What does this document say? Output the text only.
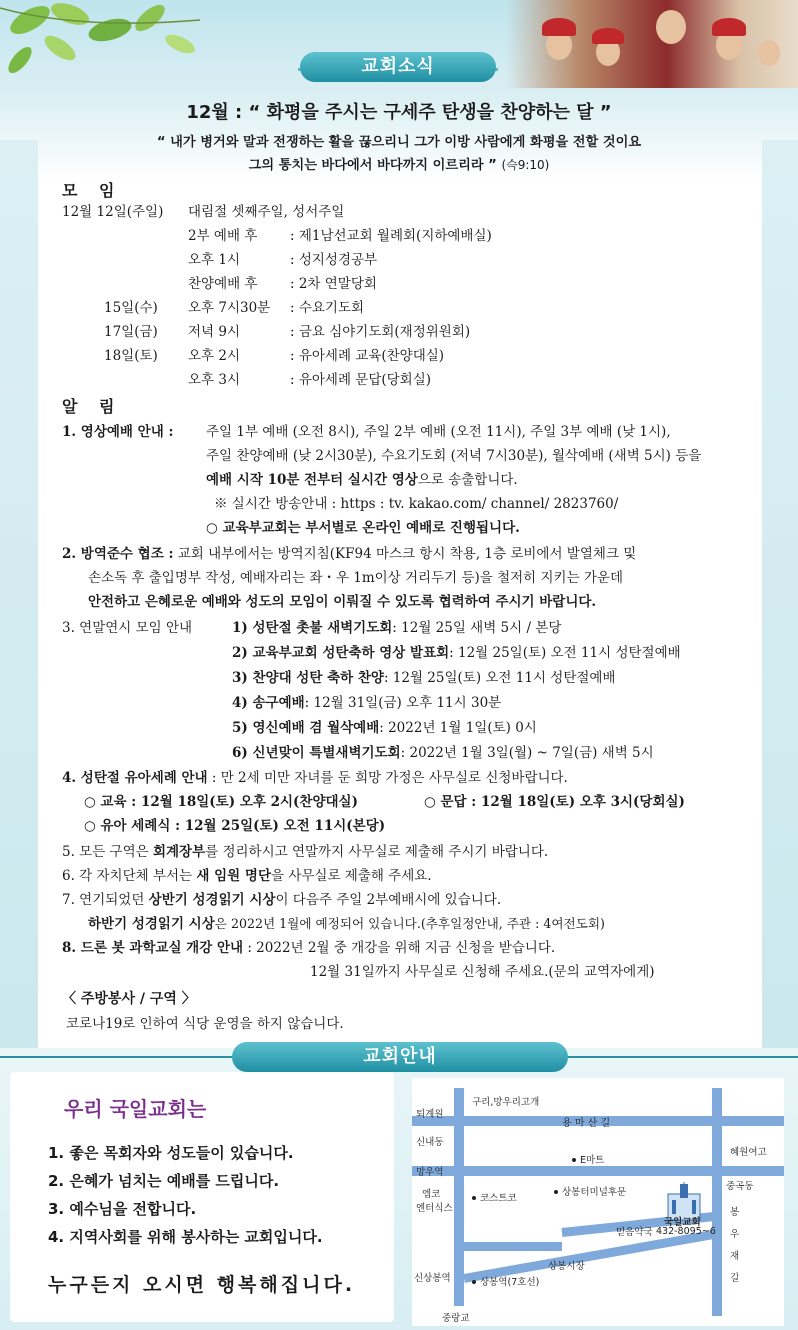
교회소식
12월 : “ 화평을 주시는 구세주 탄생을 찬양하는 달 ”
“ 내가 병거와 말과 전쟁하는 활을 끊으리니 그가 이방 사람에게 화평을 전할 것이요
그의 통치는 바다에서 바다까지 이르리라 ” (슥9:10)
모 임
12월 12일(주일) 대림절 셋째주일, 성서주일
2부 예배 후 : 제1남선교회 월례회(지하예배실)
오후 1시	: 성지성경공부
찬양예배 후 : 2차 연말당회
15일(수) 오후 7시30분 : 수요기도회
17일(금) 저녁 9시	: 금요 심야기도회(재정위원회)
18일(토) 오후 2시	: 유아세례 교육(찬양대실)
오후 3시	: 유아세례 문답(당회실)
알 림
1. 영상예배 안내 : 주일 1부 예배 (오전 8시), 주일 2부 예배 (오전 11시), 주일 3부 예배 (낮 1시),
주일 찬양예배 (낮 2시30분), 수요기도회 (저녁 7시30분), 월삭예배 (새벽 5시) 등을
예배 시작 10분 전부터 실시간 영상으로 송출합니다.
※ 실시간 방송안내 : https : tv. kakao.com/ channel/ 2823760/
○ 교육부교회는 부서별로 온라인 예배로 진행됩니다.
2. 방역준수 협조 : 교회 내부에서는 방역지침(KF94 마스크 항시 착용, 1층 로비에서 발열체크 및
손소독 후 출입명부 작성, 예배자리는 좌・우 1m이상 거리두기 등)을 철저히 지키는 가운데
안전하고 은혜로운 예배와 성도의 모임이 이뤄질 수 있도록 협력하여 주시기 바랍니다.
3. 연말연시 모임 안내	1) 성탄절 촛불 새벽기도회: 12월 25일 새벽 5시 / 본당
2) 교육부교회 성탄축하 영상 발표회: 12월 25일(토) 오전 11시 성탄절예배
3) 찬양대 성탄 축하 찬양: 12월 25일(토) 오전 11시 성탄절예배
4) 송구예배: 12월 31일(금) 오후 11시 30분
5) 영신예배 겸 월삭예배: 2022년 1월 1일(토) 0시
6) 신년맞이 특별새벽기도회: 2022년 1월 3일(월) ~ 7일(금) 새벽 5시
4. 성탄절 유아세례 안내 : 만 2세 미만 자녀를 둔 희망 가정은 사무실로 신청바랍니다.
○ 교육 : 12월 18일(토) 오후 2시(찬양대실)	○ 문답 : 12월 18일(토) 오후 3시(당회실)
○ 유아 세례식 : 12월 25일(토) 오전 11시(본당)
5. 모든 구역은 회계장부를 정리하시고 연말까지 사무실로 제출해 주시기 바랍니다.
6. 각 자치단체 부서는 새 임원 명단을 사무실로 제출해 주세요.
7. 연기되었던 상반기 성경읽기 시상이 다음주 주일 2부예배시에 있습니다.
하반기 성경읽기 시상은 2022년 1월에 예정되어 있습니다.(추후일정안내, 주관 : 4여전도회)
8. 드론 봇 과학교실 개강 안내 : 2022년 2월 중 개강을 위해 지금 신청을 받습니다.
12월 31일까지 사무실로 신청해 주세요.(문의 교역자에게)
〈 주방봉사 / 구역 〉
코로나19로 인하여 식당 운영을 하지 않습니다.
교회안내
우리 국일교회는
1. 좋은 목회자와 성도들이 있습니다.
2. 은혜가 넘치는 예배를 드립니다.
3. 예수님을 전합니다.
4. 지역사회를 위해 봉사하는 교회입니다.
누구든지 오시면 행복해집니다.
구리,망우리고개
용 마 산 길
퇴계원
신내동
망우역
E마트
혜원여고
중곡동
엠코
엔터식스
코스트코
상봉터미널후문
믿음약국
국일교회
432-8095~6
상봉시장
신상봉역	상봉역(7호선)
중랑교
봉우재길
